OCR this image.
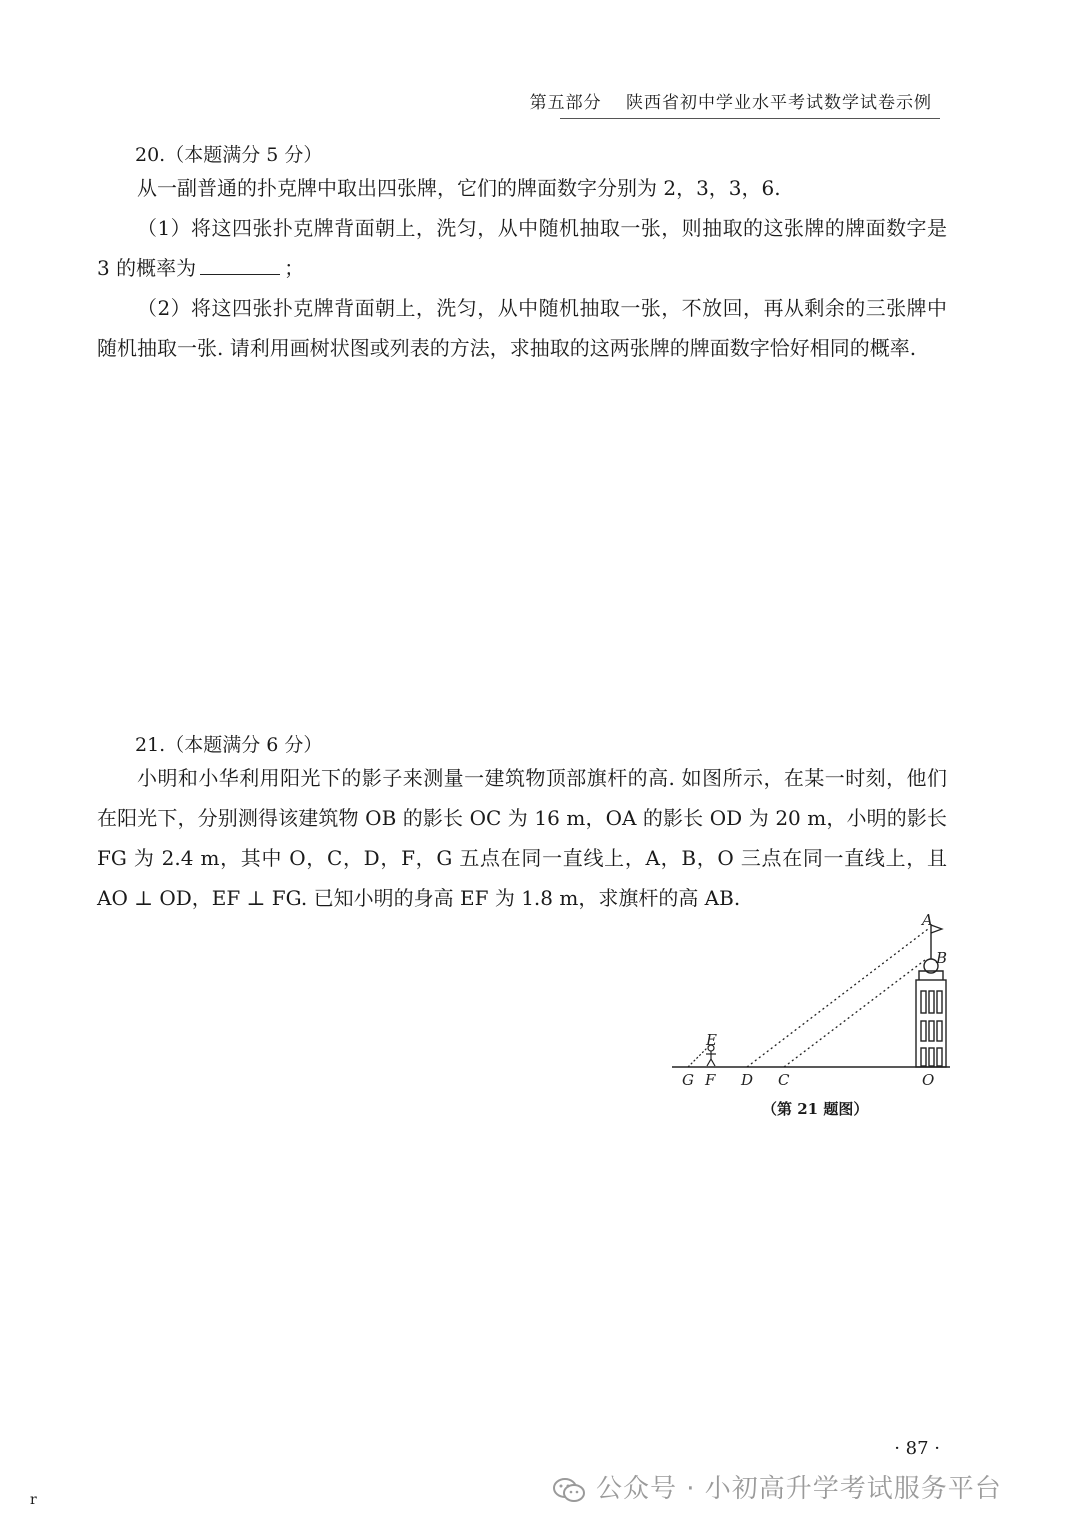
第五部分 陕西省初中学业水平考试数学试卷示例
20.（本题满分 5 分）
从一副普通的扑克牌中取出四张牌，它们的牌面数字分别为 2，3，3，6.
（1）将这四张扑克牌背面朝上，洗匀，从中随机抽取一张，则抽取的这张牌的牌面数字是 3 的概率为	；
（2）将这四张扑克牌背面朝上，洗匀，从中随机抽取一张，不放回，再从剩余的三张牌中随机抽取一张. 请利用画树状图或列表的方法，求抽取的这两张牌的牌面数字恰好相同的概率.
21.（本题满分 6 分）
小明和小华利用阳光下的影子来测量一建筑物顶部旗杆的高. 如图所示，在某一时刻，他们在阳光下，分别测得该建筑物 OB 的影长 OC 为 16 m，OA 的影长 OD 为 20 m，小明的影长 FG 为 2.4 m，其中 O，C，D，F，G 五点在同一直线上，A，B，O 三点在同一直线上，且 AO ⊥ OD，EF ⊥ FG. 已知小明的身高 EF 为 1.8 m，求旗杆的高 AB.
A
B
E
G F D C	O
（第 21 题图）
· 87 ·
公众号 · 小初高升学考试服务平台
r
